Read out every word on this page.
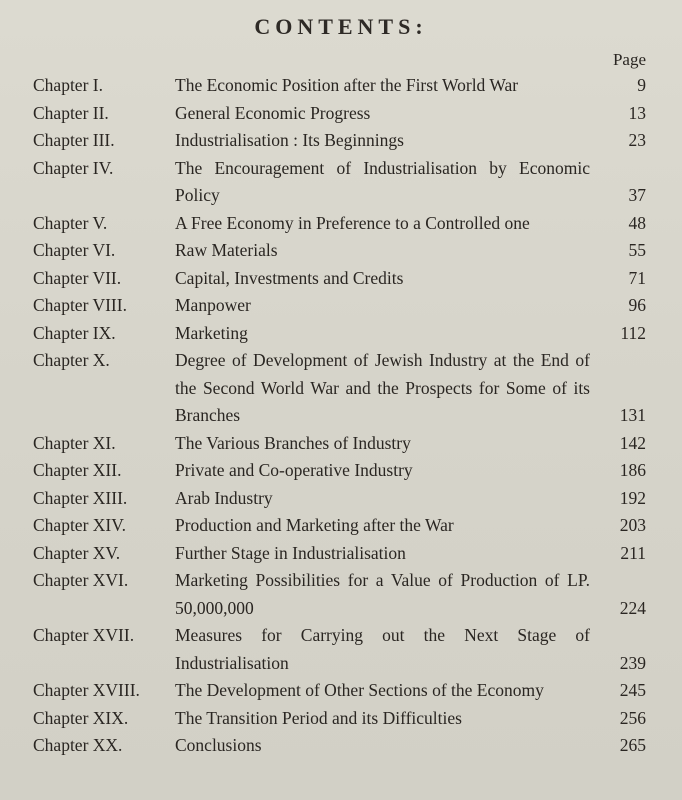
CONTENTS:
Page
Chapter I.	The Economic Position after the First World War	9
Chapter II.	General Economic Progress	13
Chapter III.	Industrialisation : Its Beginnings	23
Chapter IV.	The Encouragement of Industrialisation by Economic Policy	37
Chapter V.	A Free Economy in Preference to a Controlled one	48
Chapter VI.	Raw Materials	55
Chapter VII.	Capital, Investments and Credits	71
Chapter VIII.	Manpower	96
Chapter IX.	Marketing	112
Chapter X.	Degree of Development of Jewish Industry at the End of the Second World War and the Prospects for Some of its Branches	131
Chapter XI.	The Various Branches of Industry	142
Chapter XII.	Private and Co-operative Industry	186
Chapter XIII.	Arab Industry	192
Chapter XIV.	Production and Marketing after the War	203
Chapter XV.	Further Stage in Industrialisation	211
Chapter XVI.	Marketing Possibilities for a Value of Production of LP. 50,000,000	224
Chapter XVII. Measures for Carrying out the Next Stage of Industrialisation	239
Chapter XVIII. The Development of Other Sections of the Economy	245
Chapter XIX.	The Transition Period and its Difficulties	256
Chapter XX.	Conclusions	265
